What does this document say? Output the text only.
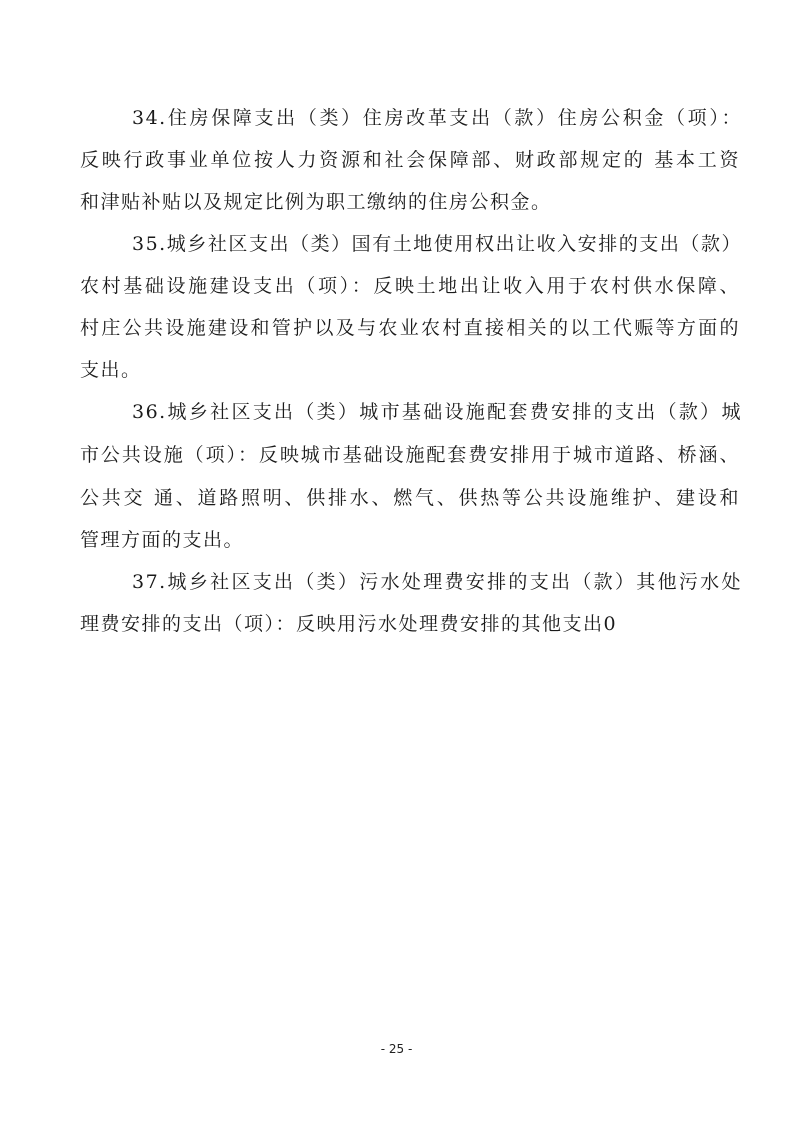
34.住房保障支出（类）住房改革支出（款）住房公积金（项）：
反映行政事业单位按人力资源和社会保障部、财政部规定的 基本工资
和津贴补贴以及规定比例为职工缴纳的住房公积金。
35.城乡社区支出（类）国有土地使用权出让收入安排的支出（款）
农村基础设施建设支出（项）：反映土地出让收入用于农村供水保障、
村庄公共设施建设和管护以及与农业农村直接相关的以工代赈等方面的
支出。
36.城乡社区支出（类）城市基础设施配套费安排的支出（款）城
市公共设施（项）：反映城市基础设施配套费安排用于城市道路、桥涵、
公共交 通、道路照明、供排水、燃气、供热等公共设施维护、建设和
管理方面的支出。
37.城乡社区支出（类）污水处理费安排的支出（款）其他污水处
理费安排的支出（项）：反映用污水处理费安排的其他支出0
- 25 -
